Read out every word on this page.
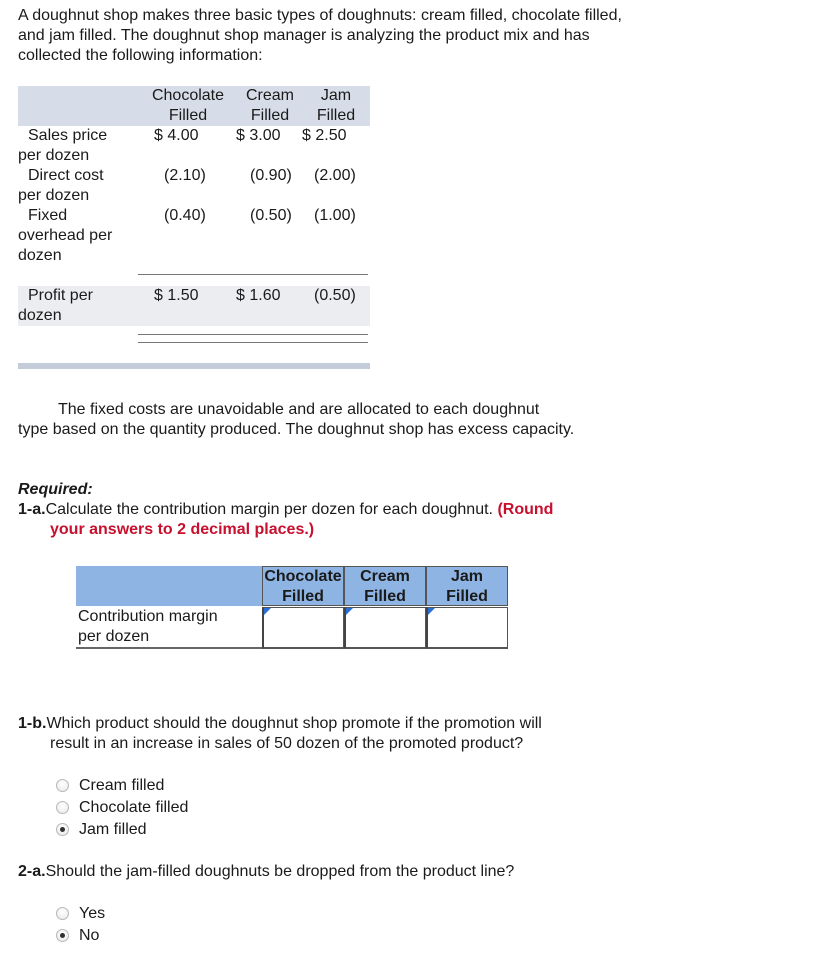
A doughnut shop makes three basic types of doughnuts: cream filled, chocolate filled, and jam filled. The doughnut shop manager is analyzing the product mix and has collected the following information:

Chocolate
Filled
Cream
Filled
Jam
Filled
Sales price
per dozen
$ 4.00 $ 3.00 $ 2.50
Direct cost
per dozen
(2.10)	(0.90) (2.00)
Fixed
overhead per
dozen
(0.40)	(0.50) (1.00)
Profit per
dozen
$ 1.50 $ 1.60 (0.50)
The fixed costs are unavoidable and are allocated to each doughnut
type based on the quantity produced. The doughnut shop has excess capacity.
Required:
1-a.Calculate the contribution margin per dozen for each doughnut. (Round
your answers to 2 decimal places.)
Chocolate
Filled
Cream
Filled
Jam
Filled
Contribution margin
per dozen
1-b.Which product should the doughnut shop promote if the promotion will
result in an increase in sales of 50 dozen of the promoted product?
Cream filled
Chocolate filled
Jam filled
2-a.Should the jam-filled doughnuts be dropped from the product line?
Yes
No
